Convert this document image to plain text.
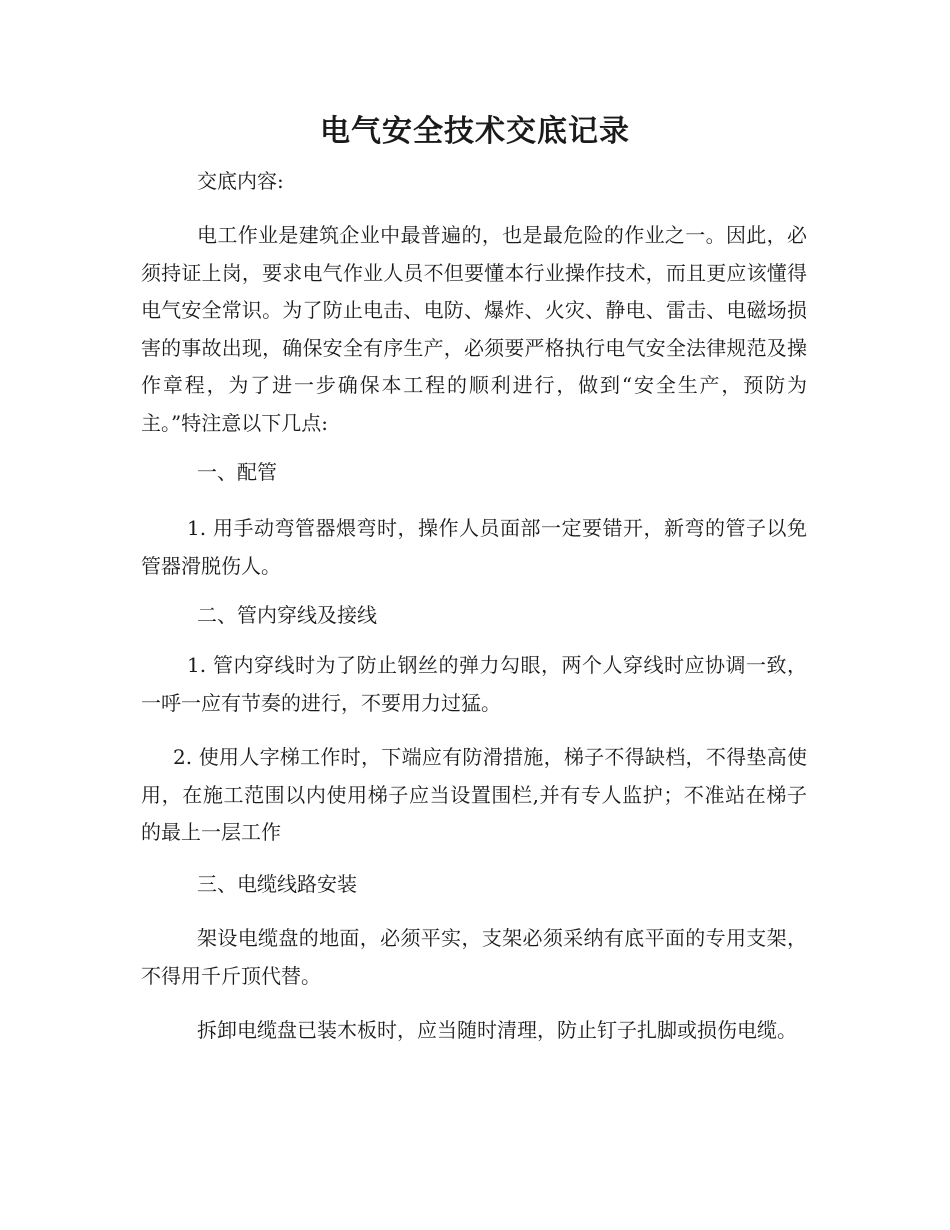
电气安全技术交底记录
交底内容:
电工作业是建筑企业中最普遍的，也是最危险的作业之一。因此，必须持证上岗，要求电气作业人员不但要懂本行业操作技术，而且更应该懂得电气安全常识。为了防止电击、电防、爆炸、火灾、静电、雷击、电磁场损害的事故出现，确保安全有序生产，必须要严格执行电气安全法律规范及操作章程，为了进一步确保本工程的顺利进行，做到“安全生产，预防为主。”特注意以下几点:
一、配管
1. 用手动弯管器煨弯时，操作人员面部一定要错开，新弯的管子以免管器滑脱伤人。
二、管内穿线及接线
1. 管内穿线时为了防止钢丝的弹力勾眼，两个人穿线时应协调一致，一呼一应有节奏的进行，不要用力过猛。
2. 使用人字梯工作时，下端应有防滑措施，梯子不得缺档，不得垫高使用，在施工范围以内使用梯子应当设置围栏,并有专人监护；不准站在梯子的最上一层工作
三、电缆线路安装
架设电缆盘的地面，必须平实，支架必须采纳有底平面的专用支架，不得用千斤顶代替。
拆卸电缆盘已装木板时，应当随时清理，防止钉子扎脚或损伤电缆。
